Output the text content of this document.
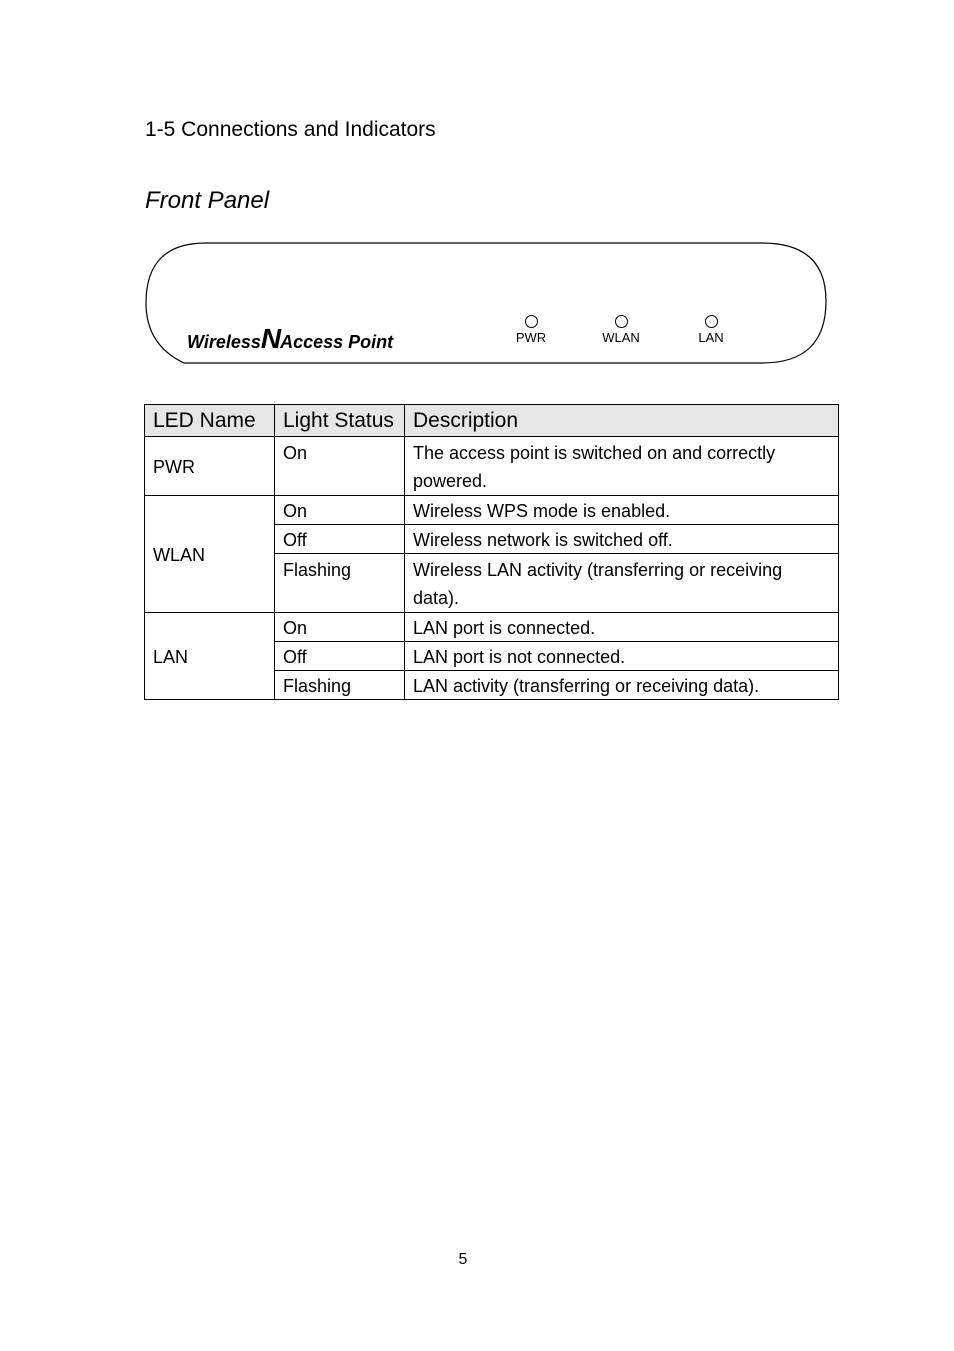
1-5 Connections and Indicators
Front Panel
WirelessNAccess Point	PWR	WLAN	LAN
LED Name	Light Status	Description
PWR	On	The access point is switched on and correctly powered.
WLAN	On	Wireless WPS mode is enabled.
	Off	Wireless network is switched off.
	Flashing	Wireless LAN activity (transferring or receiving data).
LAN	On	LAN port is connected.
	Off	LAN port is not connected.
	Flashing	LAN activity (transferring or receiving data).
5
